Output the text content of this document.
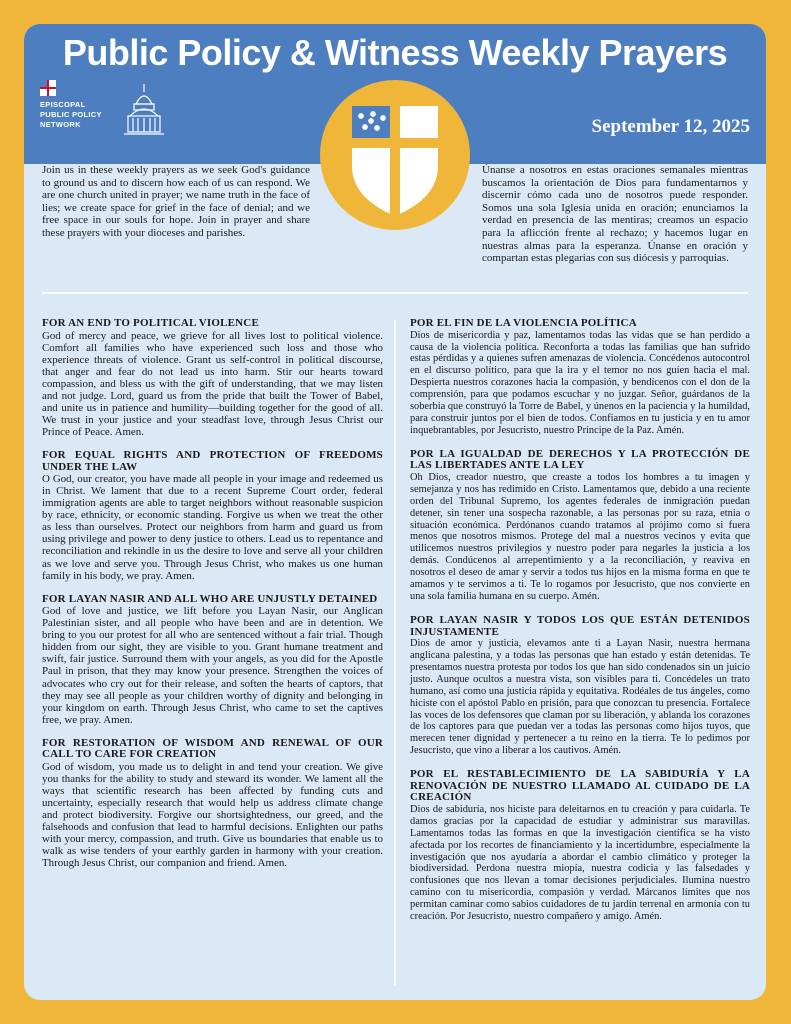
Public Policy & Witness Weekly Prayers
EPISCOPAL
PUBLIC POLICY
NETWORK	September 12, 2025
Join us in these weekly prayers as we seek God's guidance to ground us and to discern how each of us can respond. We are one church united in prayer; we name truth in the face of lies; we create space for grief in the face of denial; and we free space in our souls for hope. Join in prayer and share these prayers with your dioceses and parishes.
Únanse a nosotros en estas oraciones semanales mientras buscamos la orientación de Dios para fundamentarnos y discernir cómo cada uno de nosotros puede responder. Somos una sola Iglesia unida en oración; enunciamos la verdad en presencia de las mentiras; creamos un espacio para la aflicción frente al rechazo; y hacemos lugar en nuestras almas para la esperanza. Únanse en oración y compartan estas plegarias con sus diócesis y parroquias.
FOR AN END TO POLITICAL VIOLENCE

God of mercy and peace, we grieve for all lives lost to political violence. Comfort all families who have experienced such loss and those who experience threats of violence. Grant us self-control in political discourse, that anger and fear do not lead us into harm. Stir our hearts toward compassion, and bless us with the gift of understanding, that we may listen and not judge. Lord, guard us from the pride that built the Tower of Babel, and unite us in patience and humility—building together for the good of all. We trust in your justice and your steadfast love, through Jesus Christ our Prince of Peace. Amen.

FOR EQUAL RIGHTS AND PROTECTION OF FREEDOMS UNDER THE LAW

O God, our creator, you have made all people in your image and redeemed us in Christ. We lament that due to a recent Supreme Court order, federal immigration agents are able to target neighbors without reasonable suspicion by race, ethnicity, or economic standing. Forgive us when we treat the other as less than ourselves. Protect our neighbors from harm and guard us from using privilege and power to deny justice to others. Lead us to repentance and reconciliation and rekindle in us the desire to love and serve all your children as we love and serve you. Through Jesus Christ, who makes us one human family in his body, we pray. Amen.

FOR LAYAN NASIR AND ALL WHO ARE UNJUSTLY DETAINED

God of love and justice, we lift before you Layan Nasir, our Anglican Palestinian sister, and all people who have been and are in detention. We bring to you our protest for all who are sentenced without a fair trial. Though hidden from our sight, they are visible to you. Grant humane treatment and swift, fair justice. Surround them with your angels, as you did for the Apostle Paul in prison, that they may know your presence. Strengthen the voices of advocates who cry out for their release, and soften the hearts of captors, that they may see all people as your children worthy of dignity and belonging in your kingdom on earth. Through Jesus Christ, who came to set the captives free, we pray. Amen.

FOR RESTORATION OF WISDOM AND RENEWAL OF OUR CALL TO CARE FOR CREATION

God of wisdom, you made us to delight in and tend your creation. We give you thanks for the ability to study and steward its wonder. We lament all the ways that scientific research has been affected by funding cuts and uncertainty, especially research that would help us address climate change and protect biodiversity. Forgive our shortsightedness, our greed, and the falsehoods and confusion that lead to harmful decisions. Enlighten our paths with your mercy, compassion, and truth. Give us boundaries that enable us to walk as wise tenders of your earthly garden in harmony with your creation. Through Jesus Christ, our companion and friend. Amen.

POR EL FIN DE LA VIOLENCIA POLÍTICA

Dios de misericordia y paz, lamentamos todas las vidas que se han perdido a causa de la violencia política. Reconforta a todas las familias que han sufrido estas pérdidas y a quienes sufren amenazas de violencia. Concédenos autocontrol en el discurso político, para que la ira y el temor no nos guíen hacia el mal. Despierta nuestros corazones hacia la compasión, y bendícenos con el don de la comprensión, para que podamos escuchar y no juzgar. Señor, guárdanos de la soberbia que construyó la Torre de Babel, y únenos en la paciencia y la humildad, para construir juntos por el bien de todos. Confiamos en tu justicia y en tu amor inquebrantables, por Jesucristo, nuestro Príncipe de la Paz. Amén.

POR LA IGUALDAD DE DERECHOS Y LA PROTECCIÓN DE LAS LIBERTADES ANTE LA LEY

Oh Dios, creador nuestro, que creaste a todos los hombres a tu imagen y semejanza y nos has redimido en Cristo. Lamentamos que, debido a una reciente orden del Tribunal Supremo, los agentes federales de inmigración puedan detener, sin tener una sospecha razonable, a las personas por su raza, etnia o situación económica. Perdónanos cuando tratamos al prójimo como si fuera menos que nosotros mismos. Protege del mal a nuestros vecinos y evita que utilicemos nuestros privilegios y nuestro poder para negarles la justicia a los demás. Condúcenos al arrepentimiento y a la reconciliación, y reaviva en nosotros el deseo de amar y servir a todos tus hijos en la misma forma en que te amamos y te servimos a ti. Te lo rogamos por Jesucristo, que nos convierte en una sola familia humana en su cuerpo. Amén.

POR LAYAN NASIR Y TODOS LOS QUE ESTÁN DETENIDOS INJUSTAMENTE

Dios de amor y justicia, elevamos ante ti a Layan Nasir, nuestra hermana anglicana palestina, y a todas las personas que han estado y están detenidas. Te presentamos nuestra protesta por todos los que han sido condenados sin un juicio justo. Aunque ocultos a nuestra vista, son visibles para ti. Concédeles un trato humano, así como una justicia rápida y equitativa. Rodéales de tus ángeles, como hiciste con el apóstol Pablo en prisión, para que conozcan tu presencia. Fortalece las voces de los defensores que claman por su liberación, y ablanda los corazones de los captores para que puedan ver a todas las personas como hijos tuyos, que merecen tener dignidad y pertenecer a tu reino en la tierra. Te lo pedimos por Jesucristo, que vino a liberar a los cautivos. Amén.

POR EL RESTABLECIMIENTO DE LA SABIDURÍA Y LA RENOVACIÓN DE NUESTRO LLAMADO AL CUIDADO DE LA CREACIÓN

Dios de sabiduría, nos hiciste para deleitarnos en tu creación y para cuidarla. Te damos gracias por la capacidad de estudiar y administrar sus maravillas. Lamentamos todas las formas en que la investigación científica se ha visto afectada por los recortes de financiamiento y la incertidumbre, especialmente la investigación que nos ayudaría a abordar el cambio climático y proteger la biodiversidad. Perdona nuestra miopía, nuestra codicia y las falsedades y confusiones que nos llevan a tomar decisiones perjudiciales. Ilumina nuestro camino con tu misericordia, compasión y verdad. Márcanos límites que nos permitan caminar como sabios cuidadores de tu jardín terrenal en armonía con tu creación. Por Jesucristo, nuestro compañero y amigo. Amén.
